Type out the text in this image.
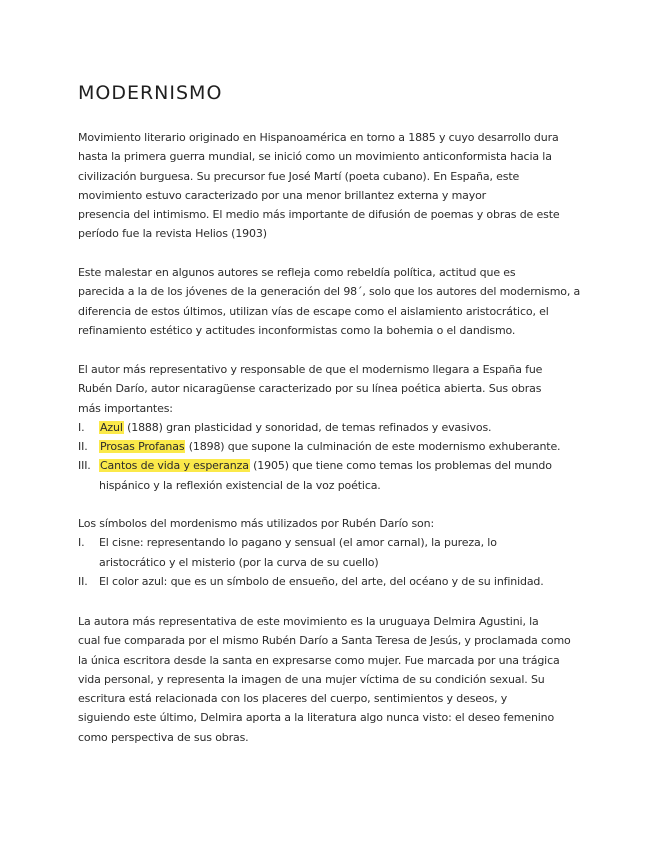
MODERNISMO
Movimiento literario originado en Hispanoamérica en torno a 1885 y cuyo desarrollo dura
hasta la primera guerra mundial, se inició como un movimiento anticonformista hacia la
civilización burguesa. Su precursor fue José Martí (poeta cubano). En España, este
movimiento estuvo caracterizado por una menor brillantez externa y mayor
presencia del intimismo. El medio más importante de difusión de poemas y obras de este
período fue la revista Helios (1903)
Este malestar en algunos autores se refleja como rebeldía política, actitud que es
parecida a la de los jóvenes de la generación del 98´, solo que los autores del modernismo, a
diferencia de estos últimos, utilizan vías de escape como el aislamiento aristocrático, el
refinamiento estético y actitudes inconformistas como la bohemia o el dandismo.
El autor más representativo y responsable de que el modernismo llegara a España fue
Rubén Darío, autor nicaragüense caracterizado por su línea poética abierta. Sus obras
más importantes:
I. Azul (1888) gran plasticidad y sonoridad, de temas refinados y evasivos.
II. Prosas Profanas (1898) que supone la culminación de este modernismo exhuberante.
III. Cantos de vida y esperanza (1905) que tiene como temas los problemas del mundo
hispánico y la reflexión existencial de la voz poética.
Los símbolos del mordenismo más utilizados por Rubén Darío son:
I. El cisne: representando lo pagano y sensual (el amor carnal), la pureza, lo
aristocrático y el misterio (por la curva de su cuello)
II. El color azul: que es un símbolo de ensueño, del arte, del océano y de su infinidad.
La autora más representativa de este movimiento es la uruguaya Delmira Agustini, la
cual fue comparada por el mismo Rubén Darío a Santa Teresa de Jesús, y proclamada como
la única escritora desde la santa en expresarse como mujer. Fue marcada por una trágica
vida personal, y representa la imagen de una mujer víctima de su condición sexual. Su
escritura está relacionada con los placeres del cuerpo, sentimientos y deseos, y
siguiendo este último, Delmira aporta a la literatura algo nunca visto: el deseo femenino
como perspectiva de sus obras.
